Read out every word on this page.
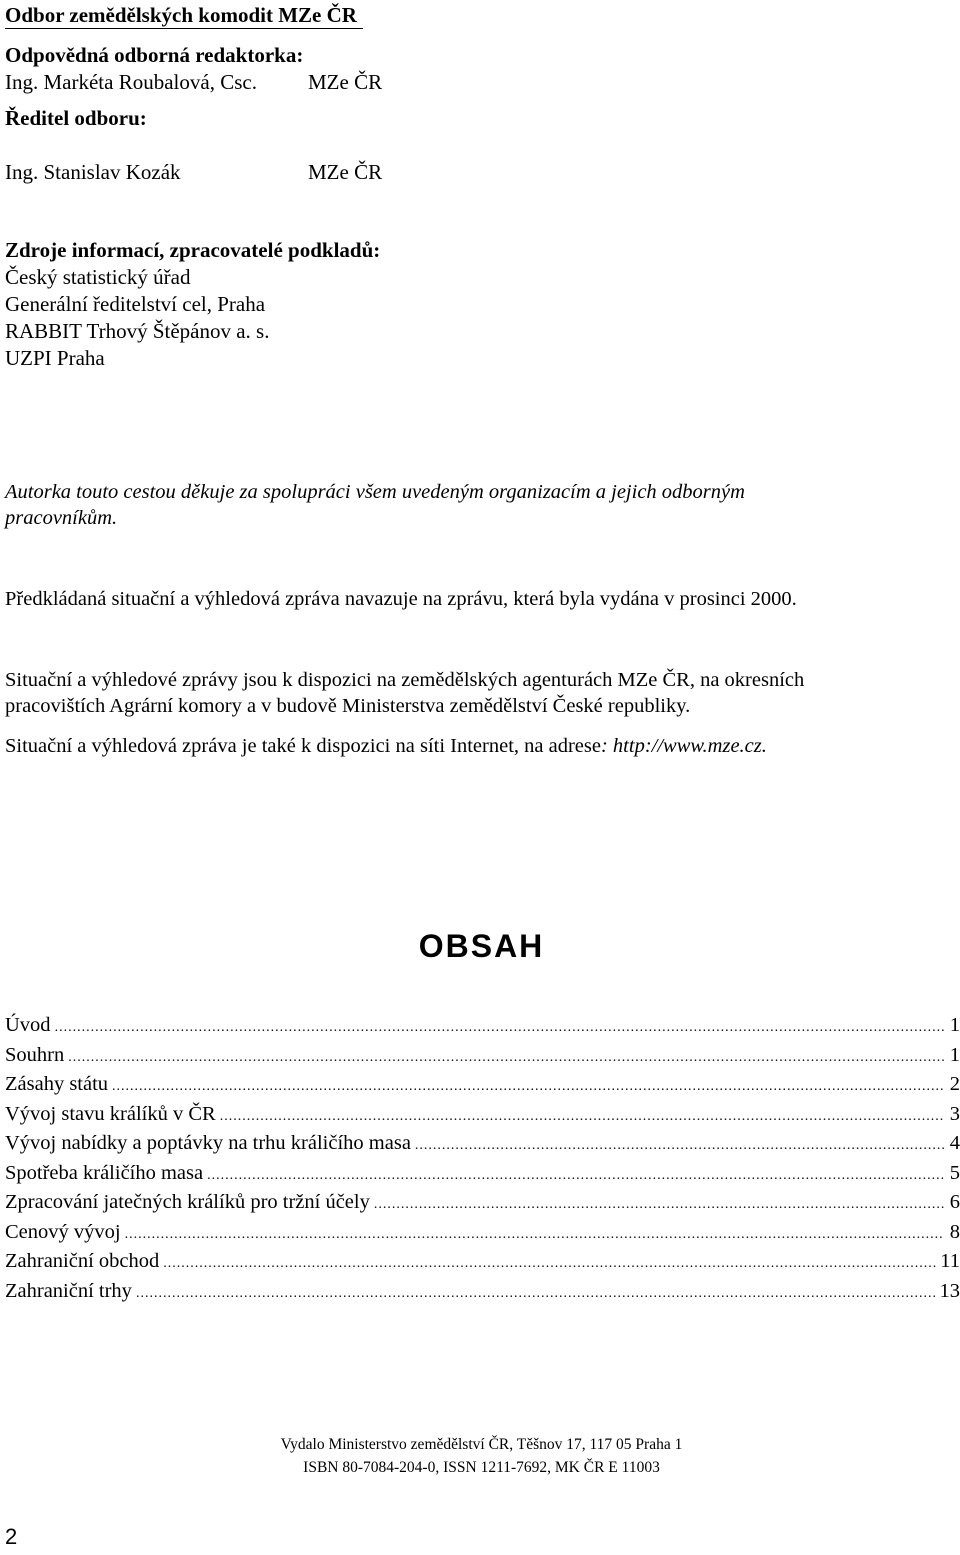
Odbor zemědělských komodit MZe ČR
Odpovědná odborná redaktorka:
Ing. Markéta Roubalová, Csc. MZe ČR
Ředitel odboru:
Ing. Stanislav Kozák	MZe ČR
Zdroje informací, zpracovatelé podkladů:
Český statistický úřad
Generální ředitelství cel, Praha
RABBIT Trhový Štěpánov a. s.
UZPI Praha
Autorka touto cestou děkuje za spolupráci všem uvedeným organizacím a jejich odborným
pracovníkům.
Předkládaná situační a výhledová zpráva navazuje na zprávu, která byla vydána v prosinci 2000.
Situační a výhledové zprávy jsou k dispozici na zemědělských agenturách MZe ČR, na okresních
pracovištích Agrární komory a v budově Ministerstva zemědělství České republiky.
Situační a výhledová zpráva je také k dispozici na síti Internet, na adrese: http://www.mze.cz.
OBSAH
Úvod .....	1
Souhrn .....	1
Zásahy státu .....	2
Vývoj stavu králíků v ČR .....	3
Vývoj nabídky a poptávky na trhu králičího masa .....	4
Spotřeba králičího masa .....	5
Zpracování jatečných králíků pro tržní účely .....	6
Cenový vývoj .....	8
Zahraniční obchod .....	11
Zahraniční trhy .....	13
Vydalo Ministerstvo zemědělství ČR, Těšnov 17, 117 05 Praha 1
ISBN 80-7084-204-0, ISSN 1211-7692, MK ČR E 11003
2
